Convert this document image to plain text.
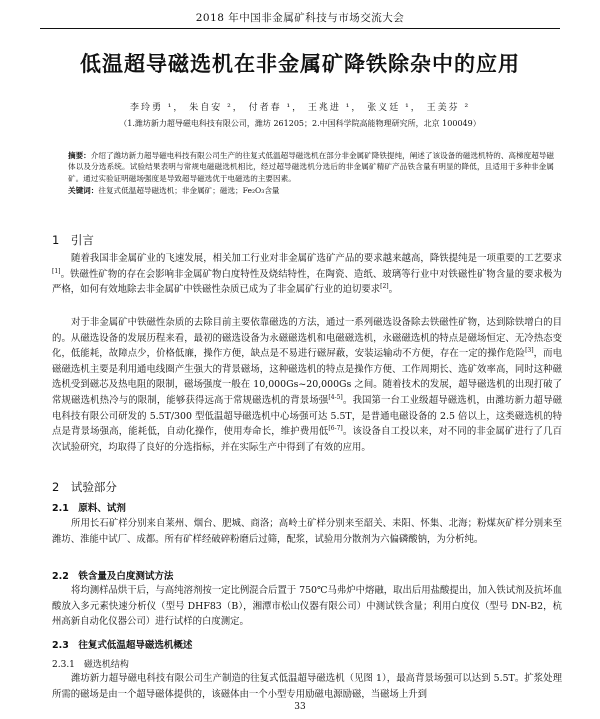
2018 年中国非金属矿科技与市场交流大会
低温超导磁选机在非金属矿降铁除杂中的应用
李玲勇 ¹， 朱自安 ²， 付者春 ¹， 王兆进 ¹， 张义廷 ¹， 王美芬 ²
（1.潍坊新力超导磁电科技有限公司，潍坊 261205；2.中国科学院高能物理研究所，北京 100049）
摘要：介绍了潍坊新力超导磁电科技有限公司生产的往复式低温超导磁选机在部分非金属矿降铁提纯，阐述了该设备的磁选机特的、高梯度超导磁体以及分选系统。试验结果表明与常规电磁磁选机相比，经过超导磁选机分选后的非金属矿精矿产品铁含量有明显的降低，且适用于多种非金属矿。通过实验证明磁场强度是导致超导磁选优于电磁选的主要因素。
关键词：往复式低温超导磁选机；非金属矿；磁选；Fe₂O₃含量
1　引言

随着我国非金属矿业的飞速发展，相关加工行业对非金属矿选矿产品的要求越来越高，降铁提纯是一项重要的工艺要求[1]。铁磁性矿物的存在会影响非金属矿物白度特性及烧结特性，在陶瓷、造纸、玻璃等行业中对铁磁性矿物含量的要求极为严格，如何有效地除去非金属矿中铁磁性杂质已成为了非金属矿行业的迫切要求[2]。

对于非金属矿中铁磁性杂质的去除目前主要依靠磁选的方法，通过一系列磁选设备除去铁磁性矿物，达到除铁增白的目的。从磁选设备的发展历程来看，最初的磁选设备为永磁磁选机和电磁磁选机，永磁磁选机的特点是磁场恒定、无冷热态变化，低能耗，故障点少，价格低廉，操作方便，缺点是不易进行磁屏蔽，安装运输动不方便，存在一定的操作危险[3]，而电磁磁选机主要是利用通电线圈产生强大的背景磁场，这种磁选机的特点是操作方便、工作周期长、选矿效率高，同时这种磁选机受到磁芯及热电阻的限制，磁场强度一般在 10,000Gs~20,000Gs 之间。随着技术的发展，超导磁选机的出现打破了常规磁选机热冷与的限制，能够获得远高于常规磁选机的背景场强[4-5]。我国第一台工业级超导磁选机，由潍坊新力超导磁电科技有限公司研发的 5.5T/300 型低温超导磁选机中心场强可达 5.5T，是普通电磁设备的 2.5 倍以上，这类磁选机的特点是背景场强高，能耗低，自动化操作，使用寿命长，维护费用低[6-7]。该设备自工投以来，对不同的非金属矿进行了几百次试验研究，均取得了良好的分选指标，并在实际生产中得到了有效的应用。

2　试验部分
2.1　原料、试剂

所用长石矿样分别来自莱州、烟台、肥城、商洛；高岭土矿样分别来至韶关、耒阳、怀集、北海；粉煤灰矿样分别来至潍坊、淮能中试厂、成都。所有矿样经破碎粉磨后过筛，配浆，试验用分散剂为六偏磷酸钠，为分析纯。

2.2　铁含量及白度测试方法

将均测样品烘干后，与高纯溶剂按一定比例混合后置于 750℃马弗炉中熔融，取出后用盐酸提出，加入铁试剂及抗坏血酸放入多元素快速分析仪（型号 DHF83（B），湘潭市松山仪器有限公司）中测试铁含量；利用白度仪（型号 DN-B2，杭州高新自动化仪器公司）进行试样的白度测定。

2.3　往复式低温超导磁选机概述
2.3.1　磁选机结构

潍坊新力超导磁电科技有限公司生产制造的往复式低温超导磁选机（见图 1），最高背景场强可以达到 5.5T。扩浆处理所需的磁场是由一个超导磁体提供的，该磁体由一个小型专用励磁电源励磁，当磁场上升到

33
